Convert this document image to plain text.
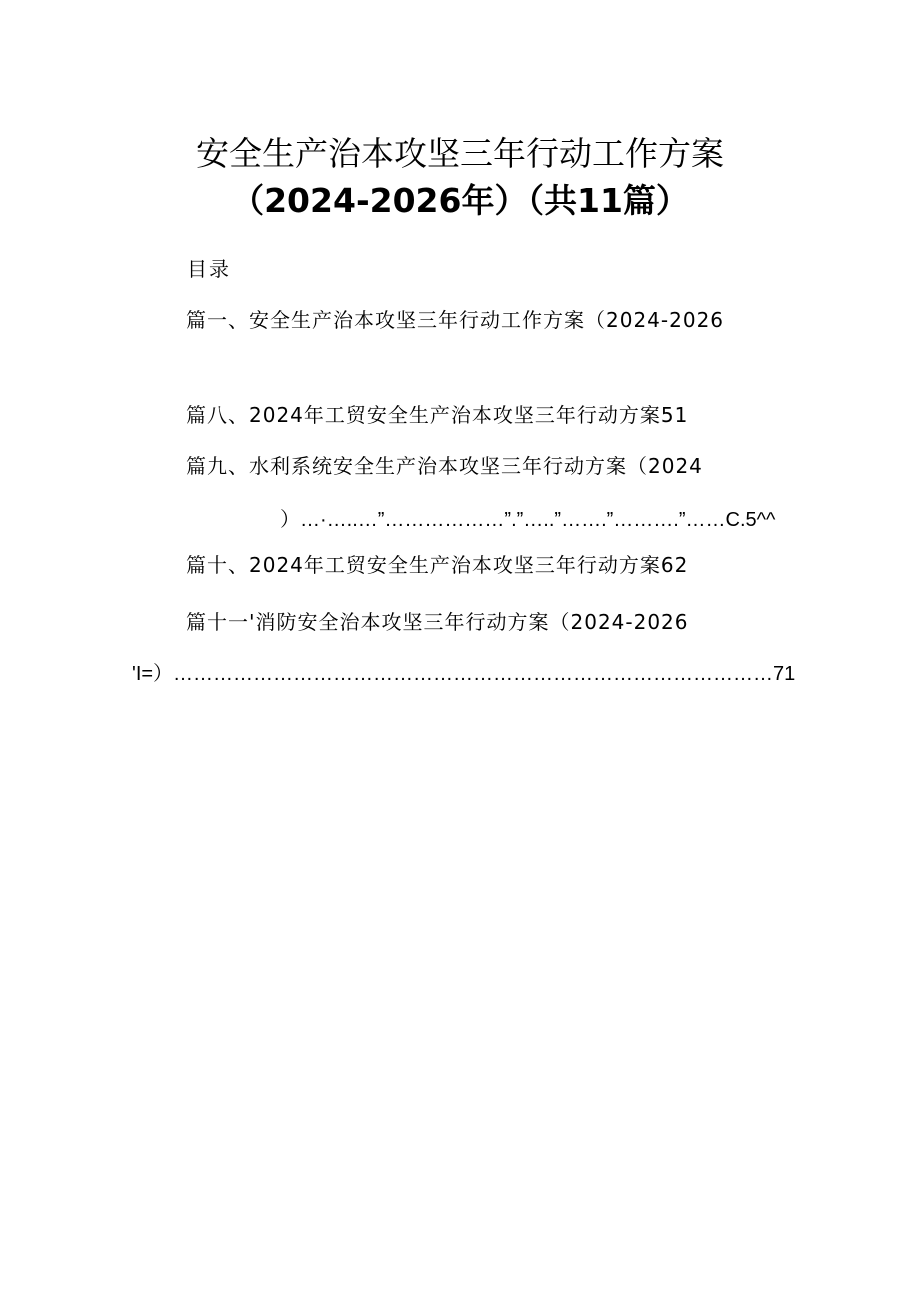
安全生产治本攻坚三年行动工作方案
（2024-2026年）（共11篇）
目录
篇一、安全生产治本攻坚三年行动工作方案（2024-2026
篇八、2024年工贸安全生产治本攻坚三年行动方案51
篇九、水利系统安全生产治本攻坚三年行动方案（2024
）…·…..…”………………”.”…..”…….”……….”……C.5^^
篇十、2024年工贸安全生产治本攻坚三年行动方案62
篇十一'消防安全治本攻坚三年行动方案（2024-2026
'I=）………………………………………………………………………………71
